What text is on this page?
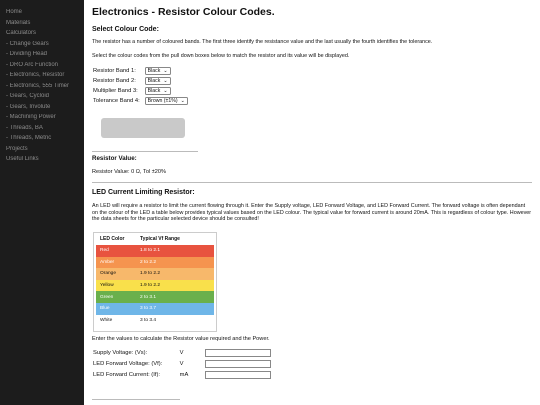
Home
Materials
Calculators
- Change Gears
- Dividing Head
- DRO Arc Function
- Electronics, Resistor
- Electronics, 555 Timer
- Gears, Cycloid
- Gears, Involute
- Machining Power
- Threads, BA
- Threads, Metric
Projects
Useful Links
Electronics - Resistor Colour Codes.
Select Colour Code:
The resistor has a number of coloured bands. The first three identify the resistance value and the last usually the fourth identifies the tolerance.
Select the colour codes from the pull down boxes below to match the resistor and its value will be displayed.
Resistor Band 1: Black ⌄
Resistor Band 2: Black ⌄
Multiplier Band 3: Black ⌄
Tolerance Band 4: Brown (±1%) ⌄
Resistor Value:
Resistor Value: 0 Ω, Tol ±20%
LED Current Limiting Resistor:
An LED will require a resistor to limit the current flowing through it. Enter the Supply voltage, LED Forward Voltage, and LED Forward Current. The forward voltage is often dependant on the colour of the LED a table below provides typical values based on the LED colour. The typical value for forward current is around 20mA. This is regardless of colour type. However the data sheets for the particular selected device should be consulted!
LED Color	Typical Vf Range
Red	1.8 to 2.1
Amber	2 to 2.2
Orange	1.9 to 2.2
Yellow	1.9 to 2.2
Green	2 to 3.1
Blue	3 to 3.7
White	3 to 3.4
Enter the values to calculate the Resistor value required and the Power.
Supply Voltage: (Vs):	V
LED Forward Voltage: (Vf):	V
LED Forward Current: (If):	mA
